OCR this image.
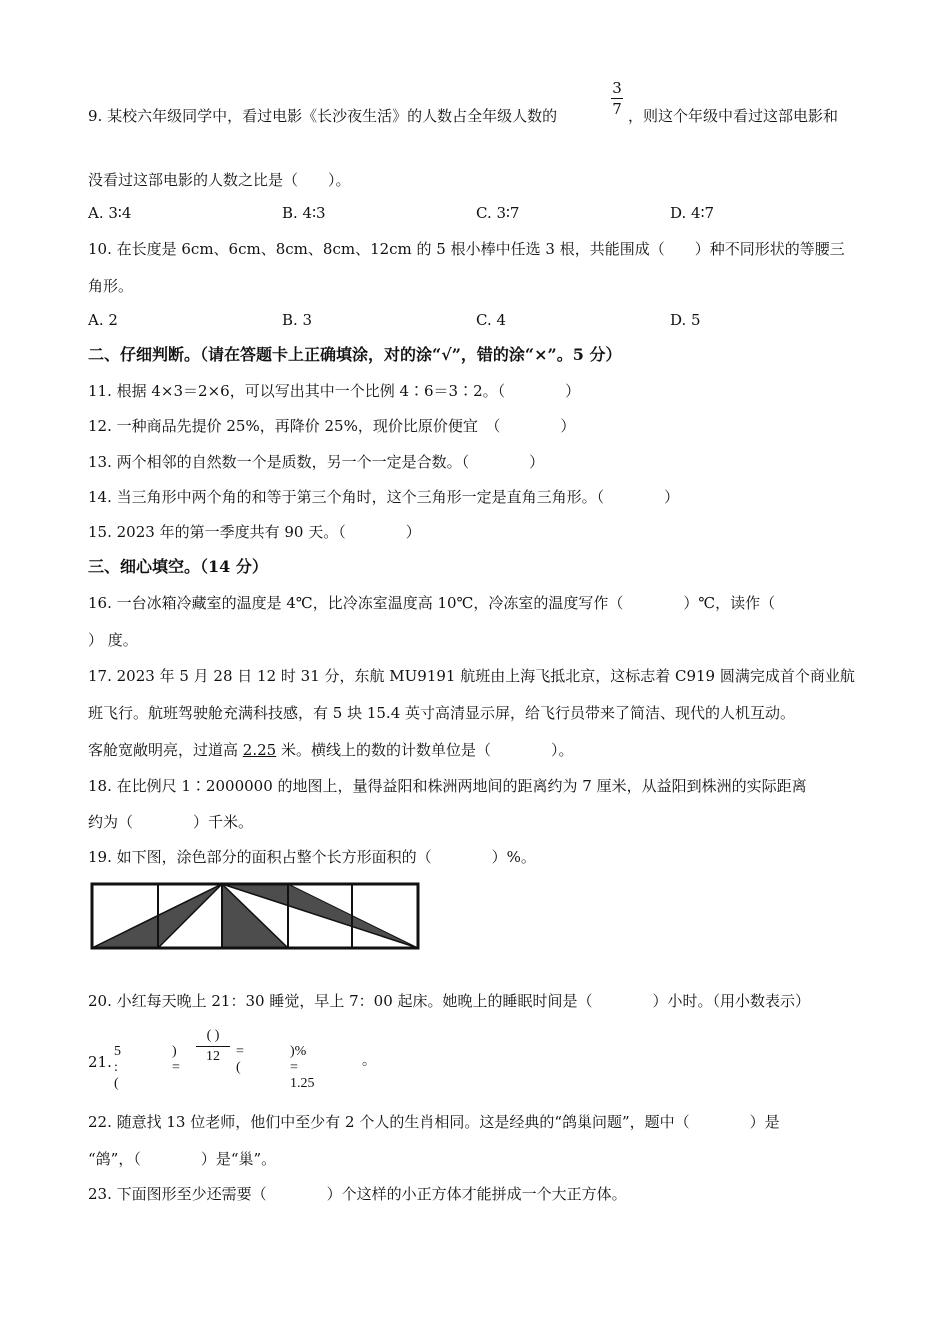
3
7
9. 某校六年级同学中，看过电影《长沙夜生活》的人数占全年级人数的	，则这个年级中看过这部电影和
没看过这部电影的人数之比是（　　）。
A. 3∶4	B. 4∶3	C. 3∶7	D. 4∶7
10. 在长度是 6cm、6cm、8cm、8cm、12cm 的 5 根小棒中任选 3 根，共能围成（　　）种不同形状的等腰三
角形。
A. 2	B. 3	C. 4	D. 5
二、仔细判断。（请在答题卡上正确填涂，对的涂“√”，错的涂“×”。5 分）
11. 根据 4×3＝2×6，可以写出其中一个比例 4∶6＝3∶2。（　　　　）
12. 一种商品先提价 25%，再降价 25%，现价比原价便宜　（　　　　）
13. 两个相邻的自然数一个是质数，另一个一定是合数。（　　　　）
14. 当三角形中两个角的和等于第三个角时，这个三角形一定是直角三角形。（　　　　）
15. 2023 年的第一季度共有 90 天。（　　　　）
三、细心填空。（14 分）
16. 一台冰箱冷藏室的温度是 4℃，比冷冻室温度高 10℃，冷冻室的温度写作（　　　　）℃，读作（
） 度。
17. 2023 年 5 月 28 日 12 时 31 分，东航 MU9191 航班由上海飞抵北京，这标志着 C919 圆满完成首个商业航
班飞行。航班驾驶舱充满科技感，有 5 块 15.4 英寸高清显示屏，给飞行员带来了简洁、现代的人机互动。
客舱宽敞明亮，过道高 2.25 米。横线上的数的计数单位是（　　　　）。
18. 在比例尺 1∶2000000 的地图上，量得益阳和株洲两地间的距离约为 7 厘米，从益阳到株洲的实际距离
约为（　　　　）千米。
19. 如下图，涂色部分的面积占整个长方形面积的（　　　　）%。
20. 小红每天晚上 21：30 睡觉，早上 7：00 起床。她晚上的睡眠时间是（　　　　）小时。（用小数表示）
21.
5 : (
) =
( )
12	= (
)% = 1.25
。
22. 随意找 13 位老师，他们中至少有 2 个人的生肖相同。这是经典的“鸽巢问题”，题中（　　　　）是
“鸽”，（　　　　）是“巢”。
23. 下面图形至少还需要（　　　　）个这样的小正方体才能拼成一个大正方体。
